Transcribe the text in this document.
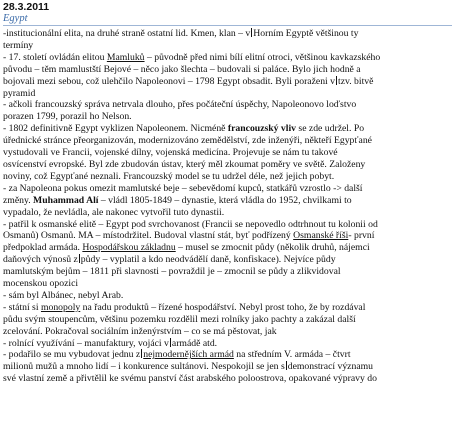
28.3.2011
Egypt
-institucionální elita, na druhé straně ostatní lid. Kmen, klan – v Horním Egyptě většinou ty
termíny
- 17. století ovládán elitou Mamluků – původně před nimi bílí elitní otroci, většinou kavkazského
původu – těm mamlustští Bejové – něco jako šlechta – budovali si paláce. Bylo jich hodně a
bojovali mezi sebou, což ulehčilo Napoleonovi – 1798 Egypt obsadit. Byli poraženi v tzv. bitvě
pyramid
- ačkoli francouzský správa netrvala dlouho, přes počáteční úspěchy, Napoleonovo loďstvo
porazen 1799, porazil ho Nelson.
- 1802 definitivně Egypt vyklizen Napoleonem. Nicméně francouzský vliv se zde udržel. Po
úřednické stránce přeorganizován, modernizováno zemědělství, zde inženýři, někteří Egypťané
vystudovali ve Francii, vojenské dílny, vojenská medicína. Projevuje se nám tu takové
osvícenství evropské. Byl zde zbudován ústav, který měl zkoumat poměry ve světě. Založeny
noviny, což Egypťané neznali. Francouzský model se tu udržel déle, než jejich pobyt.
- za Napoleona pokus omezit mamlutské beje – sebevědomí kupců, statkářů vzrostlo -> další
změny. Muhammad Alí – vládl 1805-1849 – dynastie, která vládla do 1952, chvilkami to
vypadalo, že nevládla, ale nakonec vytvořil tuto dynastii.
- patřil k osmanské elitě – Egypt pod svrchovanost (Francii se nepovedlo odtrhnout tu kolonii od
Osmanů) Osmanů. MA – místodržitel. Budoval vlastní stát, byť podřízený Osmanské říši- první
předpoklad armáda. Hospodářskou základnu – musel se zmocnit půdy (několik druhů, nájemci
daňových výnosů z půdy – vyplatil a kdo neodvádělí daně, konfiskace). Nejvíce půdy
mamlutským bejům – 1811 při slavnosti – povraždil je – zmocnil se půdy a zlikvidoval
mocenskou opozici
- sám byl Albánec, nebyl Arab.
- státní si monopoly na řadu produktů – řízené hospodářství. Nebyl prost toho, že by rozdával
půdu svým stoupencům, většinu pozemku rozdělil mezi rolníky jako pachty a zakázal další
zcelování. Pokračoval sociálním inženýrstvím – co se má pěstovat, jak
- rolnící využívání – manufaktury, vojáci v armádě atd.
- podařilo se mu vybudovat jednu z nejmodernějších armád na středním V. armáda – čtvrt
milionů mužů a mnoho lidí – i konkurence sultánovi. Nespokojil se jen s demonstrací významu
své vlastní země a přivtělil ke svému panství část arabského poloostrova, opakované výpravy do
